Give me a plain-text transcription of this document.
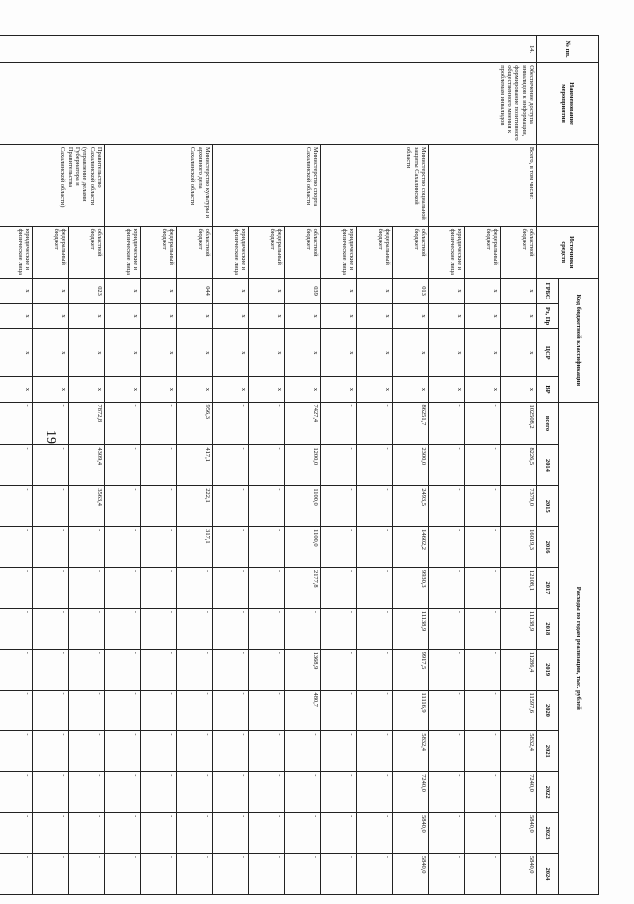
19
№ пп.	Наименование мероприятия		Источники средств	Код бюджетной классификации				Расходы по годам реализации, тыс. рублей											
				ГРБС	Рз, Пр	ЦСР	ВР	всего	2014	2015	2016	2017	2018	2019	2020	2021	2022	2023	2024
14.	Обеспечение доступа инвалидов к информации, формирование позитивного общественного мнения к проблемам инвалидов	Всего, в том числе:	областной бюджет	x	x	x	x	102508,2	8226,5	7379,0	16019,3	12108,1	11138,9	11286,4	11597,6	5832,4	7240,0	5840,0	5840,0
			федеральный бюджет	x	x	x	x	-	-	-	-	-	-	-	-	-	-	-	-
			юридические и физические лица	x	x	x	x	-	-	-	-	-	-	-	-	-	-	-	-
		Министерство социальной защиты Сахалинской области	областной бюджет	013	x	x	x	86251,7	2300,0	2493,5	14602,2	9930,3	11138,9	9917,5	11116,9	5832,4	7240,0	5840,0	5840,0
			федеральный бюджет	x	x	x	x	-	-	-	-	-	-	-	-	-	-	-	-
			юридические и физические лица	x	x	x	x	-	-	-	-	-	-	-	-	-	-	-	-
		Министерство спорта Сахалинской области	областной бюджет	039	x	x	x	7427,4	1200,0	1100,0	1100,0	2177,8	-	1368,9	480,7	-	-	-	-
			федеральный бюджет	x	x	x	x	-	-	-	-	-	-	-	-	-	-	-	-
			юридические и физические лица	x	x	x	x	-	-	-	-	-	-	-	-	-	-	-	-
		Министерство культуры и архивного дела Сахалинской области	областной бюджет	044	x	x	x	956,3	417,1	222,1	317,1	-	-	-	-	-	-	-	-
			федеральный бюджет	x	x	x	x	-	-	-	-	-	-	-	-	-	-	-	-
			юридические и физические лица	x	x	x	x	-	-	-	-	-	-	-	-	-	-	-	-
		Правительство Сахалинской области (управление делами Губернатора и Правительства Сахалинской области)	областной бюджет	023	x	x	x	7872,8	4309,4	3563,4	-	-	-	-	-	-	-	-	-
			федеральный бюджет	x	x	x	x	-	-	-	-	-	-	-	-	-	-	-	-
			юридические и физические лица	x	x	x	x	-	-	-	-	-	-	-	-	-	-	-	-
